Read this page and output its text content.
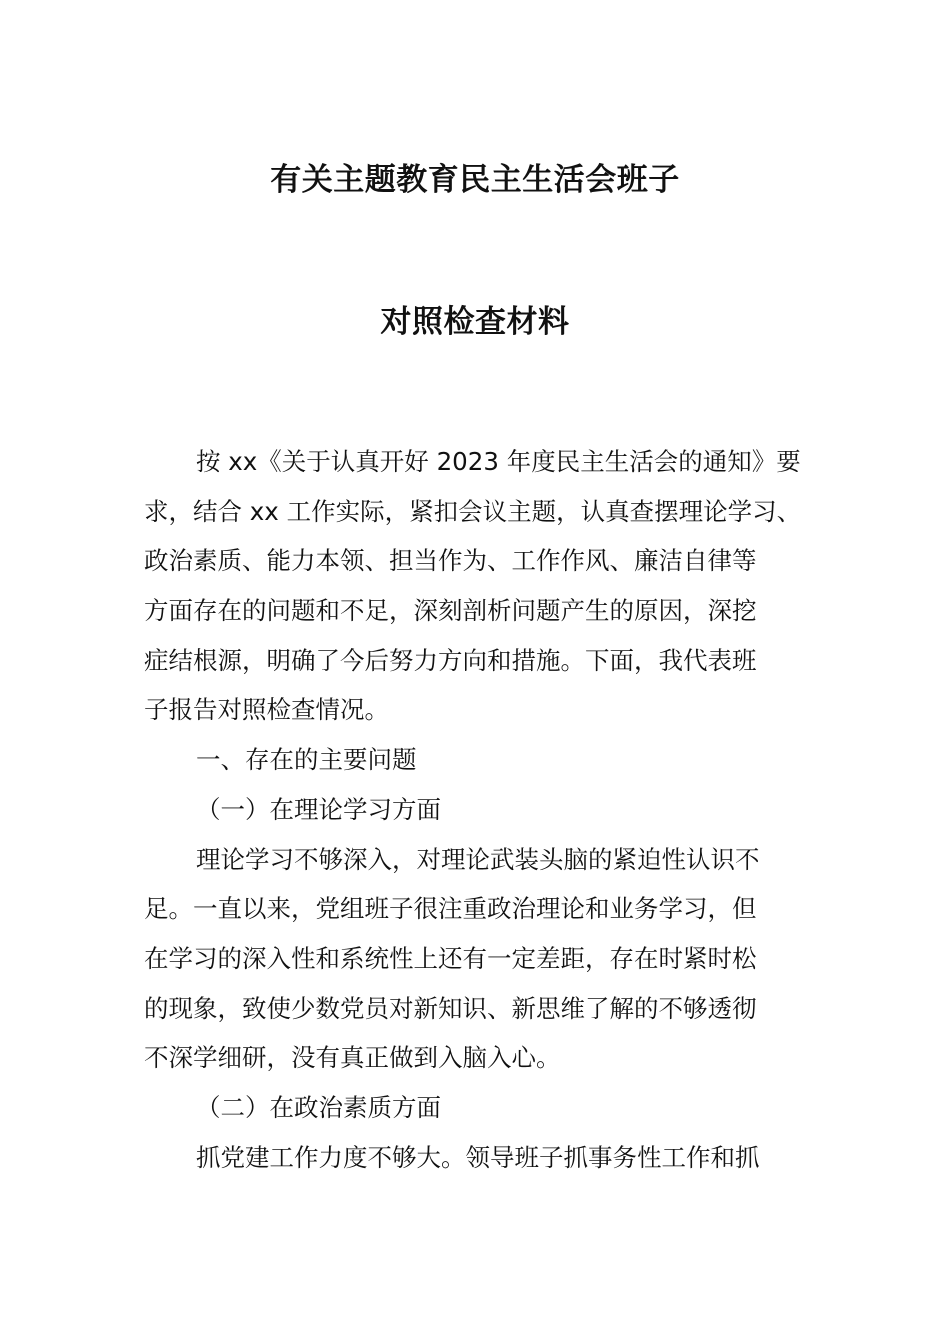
有关主题教育民主生活会班子
对照检查材料
按 xx《关于认真开好 2023 年度民主生活会的通知》要
求，结合 xx 工作实际，紧扣会议主题，认真查摆理论学习、
政治素质、能力本领、担当作为、工作作风、廉洁自律等
方面存在的问题和不足，深刻剖析问题产生的原因，深挖
症结根源，明确了今后努力方向和措施。下面，我代表班
子报告对照检查情况。
一、存在的主要问题
（一）在理论学习方面
理论学习不够深入，对理论武装头脑的紧迫性认识不
足。一直以来，党组班子很注重政治理论和业务学习，但
在学习的深入性和系统性上还有一定差距，存在时紧时松
的现象，致使少数党员对新知识、新思维了解的不够透彻
不深学细研，没有真正做到入脑入心。
（二）在政治素质方面
抓党建工作力度不够大。领导班子抓事务性工作和抓
